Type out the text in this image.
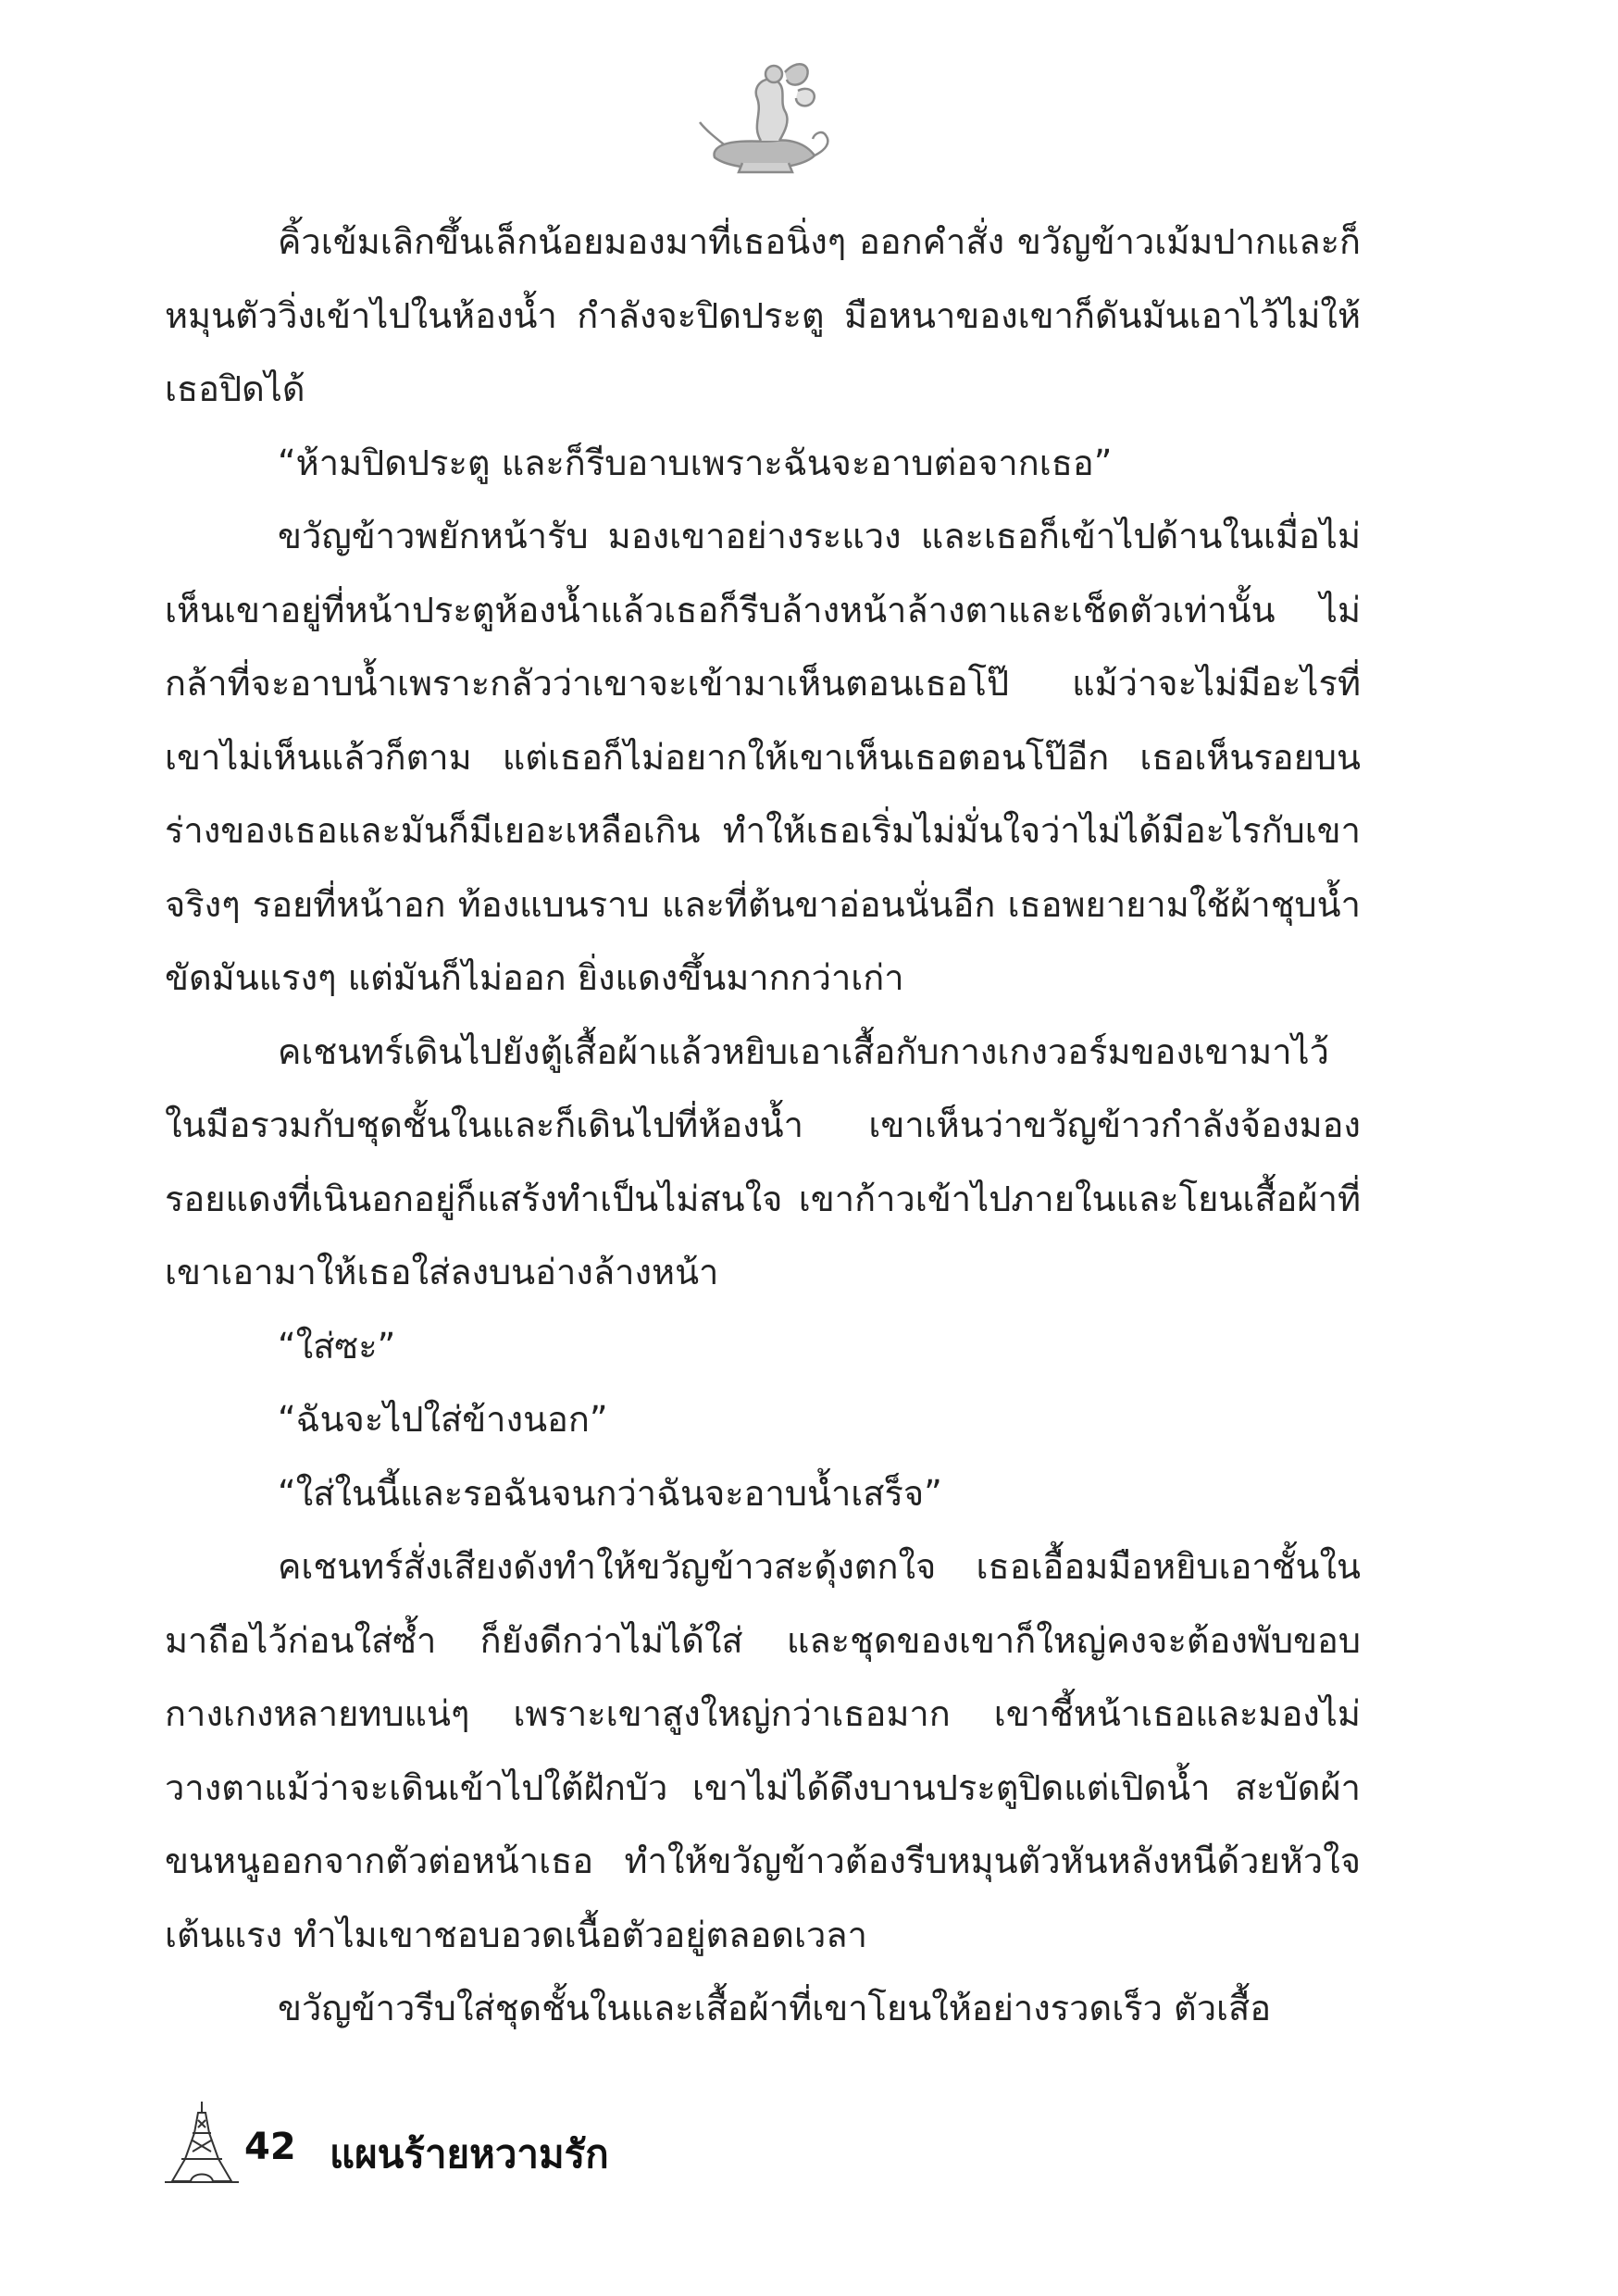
คิ้วเข้มเลิกขึ้นเล็กน้อยมองมาที่เธอนิ่งๆ ออกคำสั่ง ขวัญข้าวเม้มปากและก็หมุนตัววิ่งเข้าไปในห้องน้ำ กำลังจะปิดประตู มือหนาของเขาก็ดันมันเอาไว้ไม่ให้เธอปิดได้

“ห้ามปิดประตู และก็รีบอาบเพราะฉันจะอาบต่อจากเธอ”

ขวัญข้าวพยักหน้ารับ มองเขาอย่างระแวง และเธอก็เข้าไปด้านในเมื่อไม่เห็นเขาอยู่ที่หน้าประตูห้องน้ำแล้วเธอก็รีบล้างหน้าล้างตาและเช็ดตัวเท่านั้น ไม่กล้าที่จะอาบน้ำเพราะกลัวว่าเขาจะเข้ามาเห็นตอนเธอโป๊ แม้ว่าจะไม่มีอะไรที่เขาไม่เห็นแล้วก็ตาม แต่เธอก็ไม่อยากให้เขาเห็นเธอตอนโป๊อีก เธอเห็นรอยบนร่างของเธอและมันก็มีเยอะเหลือเกิน ทำให้เธอเริ่มไม่มั่นใจว่าไม่ได้มีอะไรกับเขาจริงๆ รอยที่หน้าอก ท้องแบนราบ และที่ต้นขาอ่อนนั่นอีก เธอพยายามใช้ผ้าชุบน้ำขัดมันแรงๆ แต่มันก็ไม่ออก ยิ่งแดงขึ้นมากกว่าเก่า

คเชนทร์เดินไปยังตู้เสื้อผ้าแล้วหยิบเอาเสื้อกับกางเกงวอร์มของเขามาไว้ในมือรวมกับชุดชั้นในและก็เดินไปที่ห้องน้ำ เขาเห็นว่าขวัญข้าวกำลังจ้องมองรอยแดงที่เนินอกอยู่ก็แสร้งทำเป็นไม่สนใจ เขาก้าวเข้าไปภายในและโยนเสื้อผ้าที่เขาเอามาให้เธอใส่ลงบนอ่างล้างหน้า

“ใส่ซะ”

“ฉันจะไปใส่ข้างนอก”

“ใส่ในนี้และรอฉันจนกว่าฉันจะอาบน้ำเสร็จ”

คเชนทร์สั่งเสียงดังทำให้ขวัญข้าวสะดุ้งตกใจ เธอเอื้อมมือหยิบเอาชั้นในมาถือไว้ก่อนใส่ซ้ำ ก็ยังดีกว่าไม่ได้ใส่ และชุดของเขาก็ใหญ่คงจะต้องพับขอบกางเกงหลายทบแน่ๆ เพราะเขาสูงใหญ่กว่าเธอมาก เขาชี้หน้าเธอและมองไม่วางตาแม้ว่าจะเดินเข้าไปใต้ฝักบัว เขาไม่ได้ดึงบานประตูปิดแต่เปิดน้ำ สะบัดผ้าขนหนูออกจากตัวต่อหน้าเธอ ทำให้ขวัญข้าวต้องรีบหมุนตัวหันหลังหนีด้วยหัวใจเต้นแรง ทำไมเขาชอบอวดเนื้อตัวอยู่ตลอดเวลา

ขวัญข้าวรีบใส่ชุดชั้นในและเสื้อผ้าที่เขาโยนให้อย่างรวดเร็ว ตัวเสื้อ

42 แผนร้ายหวามรัก
